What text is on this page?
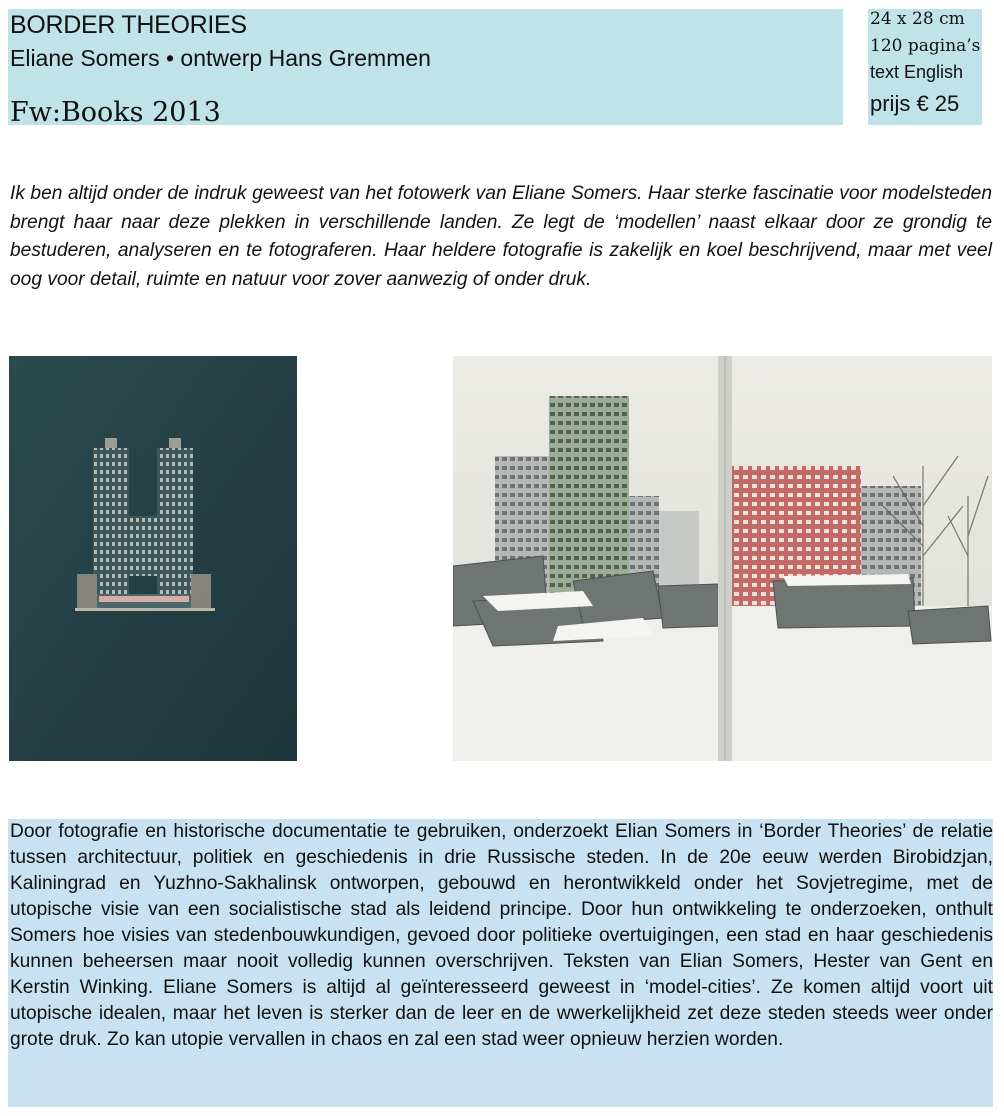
BORDER THEORIES
Eliane Somers • ontwerp Hans Gremmen
Fw:Books 2013
24 x 28 cm
120 pagina’s
text English
prijs € 25
Ik ben altijd onder de indruk geweest van het fotowerk van Eliane Somers. Haar sterke fascinatie voor modelsteden brengt haar naar deze plekken in verschillende landen. Ze legt de ‘modellen’ naast elkaar door ze grondig te bestuderen, analyseren en te fotograferen. Haar heldere fotografie is zakelijk en koel beschrijvend, maar met veel oog voor detail, ruimte en natuur voor zover aanwezig of onder druk.
Door fotografie en historische documentatie te gebruiken, onderzoekt Elian Somers in ‘Border Theories’ de relatie tussen architectuur, politiek en geschiedenis in drie Russische steden. In de 20e eeuw werden Birobidzjan, Kaliningrad en Yuzhno-Sakhalinsk ontworpen, gebouwd en herontwikkeld onder het Sovjetregime, met de utopische visie van een socialistische stad als leidend principe. Door hun ontwikkeling te onderzoeken, onthult Somers hoe visies van stedenbouwkundigen, gevoed door politieke overtuigingen, een stad en haar geschiedenis kunnen beheersen maar nooit volledig kunnen overschrijven. Teksten van Elian Somers, Hester van Gent en Kerstin Winking. Eliane Somers is altijd al geïnteresseerd geweest in ‘model-cities’. Ze komen altijd voort uit utopische idealen, maar het leven is sterker dan de leer en de wwerkelijkheid zet deze steden steeds weer onder grote druk. Zo kan utopie vervallen in chaos en zal een stad weer opnieuw herzien worden.
